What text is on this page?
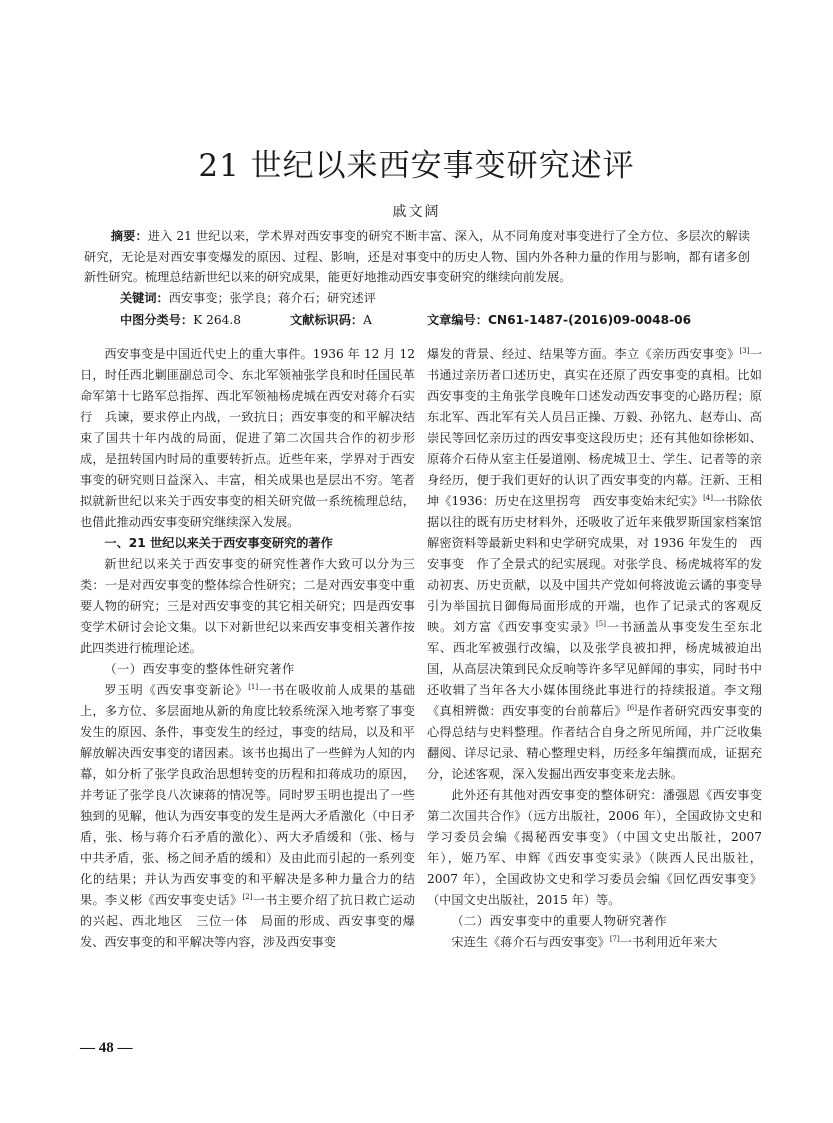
21 世纪以来西安事变研究述评
戚文阔

摘要：进入 21 世纪以来，学术界对西安事变的研究不断丰富、深入，从不同角度对事变进行了全方位、多层次的解读研究，无论是对西安事变爆发的原因、过程、影响，还是对事变中的历史人物、国内外各种力量的作用与影响，都有诸多创新性研究。梳理总结新世纪以来的研究成果，能更好地推动西安事变研究的继续向前发展。

关键词：西安事变；张学良；蒋介石；研究述评
中图分类号：K 264.8	文献标识码：A	文章编号：CN61-1487-(2016)09-0048-06

西安事变是中国近代史上的重大事件。1936 年 12 月 12 日，时任西北剿匪副总司令、东北军领袖张学良和时任国民革命军第十七路军总指挥、西北军领袖杨虎城在西安对蒋介石实行　兵谏，要求停止内战，一致抗日；西安事变的和平解决结束了国共十年内战的局面，促进了第二次国共合作的初步形成，是扭转国内时局的重要转折点。近些年来，学界对于西安事变的研究则日益深入、丰富，相关成果也是层出不穷。笔者拟就新世纪以来关于西安事变的相关研究做一系统梳理总结，也借此推动西安事变研究继续深入发展。

一、21 世纪以来关于西安事变研究的著作

新世纪以来关于西安事变的研究性著作大致可以分为三类：一是对西安事变的整体综合性研究；二是对西安事变中重要人物的研究；三是对西安事变的其它相关研究；四是西安事变学术研讨会论文集。以下对新世纪以来西安事变相关著作按此四类进行梳理论述。

（一）西安事变的整体性研究著作

罗玉明《西安事变新论》[1]一书在吸收前人成果的基础上，多方位、多层面地从新的角度比较系统深入地考察了事变发生的原因、条件，事变发生的经过，事变的结局，以及和平解放解决西安事变的诸因素。该书也揭出了一些鲜为人知的内幕，如分析了张学良政治思想转变的历程和扣蒋成功的原因，并考证了张学良八次谏蒋的情况等。同时罗玉明也提出了一些独到的见解，他认为西安事变的发生是两大矛盾激化（中日矛盾，张、杨与蒋介石矛盾的激化）、两大矛盾缓和（张、杨与中共矛盾，张、杨之间矛盾的缓和）及由此而引起的一系列变化的结果；并认为西安事变的和平解决是多种力量合力的结果。李义彬《西安事变史话》[2]一书主要介绍了抗日救亡运动的兴起、西北地区　三位一体　局面的形成、西安事变的爆发、西安事变的和平解决等内容，涉及西安事变

爆发的背景、经过、结果等方面。李立《亲历西安事变》[3]一书通过亲历者口述历史，真实在还原了西安事变的真相。比如西安事变的主角张学良晚年口述发动西安事变的心路历程；原东北军、西北军有关人员吕正操、万毅、孙铭九、赵寿山、高崇民等回忆亲历过的西安事变这段历史；还有其他如徐彬如、原蒋介石侍从室主任晏道刚、杨虎城卫士、学生、记者等的亲身经历，便于我们更好的认识了西安事变的内幕。汪新、王相坤《1936：历史在这里拐弯　西安事变始末纪实》[4]一书除依据以往的既有历史材料外，还吸收了近年来俄罗斯国家档案馆解密资料等最新史料和史学研究成果，对 1936 年发生的　西安事变　作了全景式的纪实展现。对张学良、杨虎城将军的发动初衷、历史贡献，以及中国共产党如何将波诡云谲的事变导引为举国抗日御侮局面形成的开端，也作了记录式的客观反映。刘方富《西安事变实录》[5]一书涵盖从事变发生至东北军、西北军被强行改编，以及张学良被扣押，杨虎城被迫出国，从高层决策到民众反响等许多罕见鲜闻的事实，同时书中还收辑了当年各大小媒体围绕此事进行的持续报道。李文翔《真相辨微：西安事变的台前幕后》[6]是作者研究西安事变的心得总结与史料整理。作者结合自身之所见所闻，并广泛收集翻阅、详尽记录、精心整理史料，历经多年编撰而成，证据充分，论述客观，深入发掘出西安事变来龙去脉。

此外还有其他对西安事变的整体研究：潘强恩《西安事变第二次国共合作》（远方出版社，2006 年），全国政协文史和学习委员会编《揭秘西安事变》（中国文史出版社，2007 年），姬乃军、申辉《西安事变实录》（陕西人民出版社，2007 年），全国政协文史和学习委员会编《回忆西安事变》（中国文史出版社，2015 年）等。

（二）西安事变中的重要人物研究著作

宋连生《蒋介石与西安事变》[7]一书利用近年来大

— 48 —
